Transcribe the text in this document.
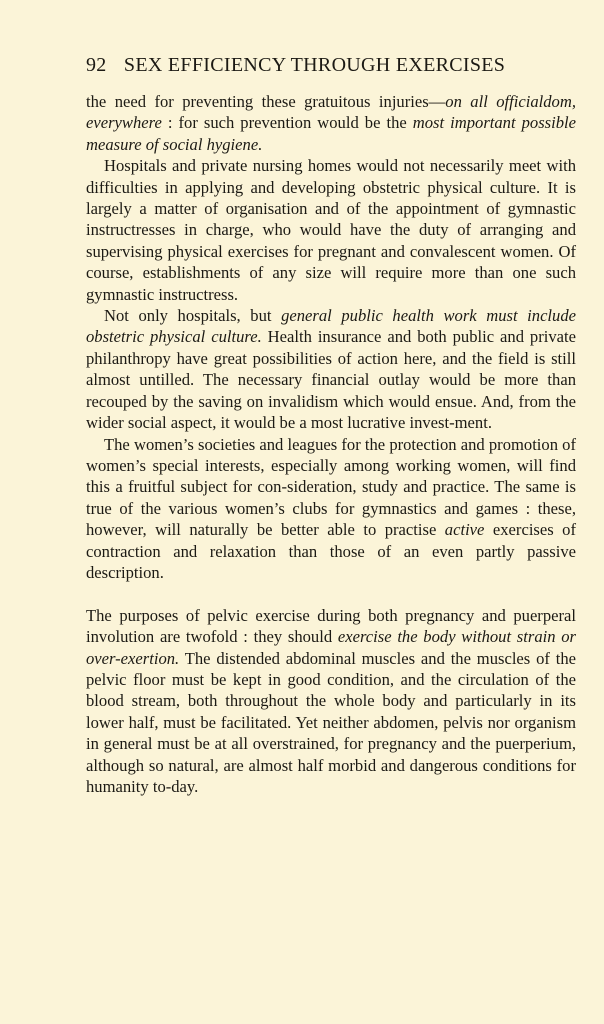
92 SEX EFFICIENCY THROUGH EXERCISES

the need for preventing these gratuitous injuries—on all officialdom, everywhere : for such prevention would be the most important possible measure of social hygiene.

Hospitals and private nursing homes would not necessarily meet with difficulties in applying and developing obstetric physical culture. It is largely a matter of organisation and of the appointment of gymnastic instructresses in charge, who would have the duty of arranging and supervising physical exercises for pregnant and convalescent women. Of course, establishments of any size will require more than one such gymnastic instructress.

Not only hospitals, but general public health work must include obstetric physical culture. Health insurance and both public and private philanthropy have great possibilities of action here, and the field is still almost untilled. The necessary financial outlay would be more than recouped by the saving on invalidism which would ensue. And, from the wider social aspect, it would be a most lucrative invest-ment.

The women’s societies and leagues for the protection and promotion of women’s special interests, especially among working women, will find this a fruitful subject for con-sideration, study and practice. The same is true of the various women’s clubs for gymnastics and games : these, however, will naturally be better able to practise active exercises of contraction and relaxation than those of an even partly passive description.

The purposes of pelvic exercise during both pregnancy and puerperal involution are twofold : they should exercise the body without strain or over-exertion. The distended abdominal muscles and the muscles of the pelvic floor must be kept in good condition, and the circulation of the blood stream, both throughout the whole body and particularly in its lower half, must be facilitated. Yet neither abdomen, pelvis nor organism in general must be at all overstrained, for pregnancy and the puerperium, although so natural, are almost half morbid and dangerous conditions for humanity to-day.
